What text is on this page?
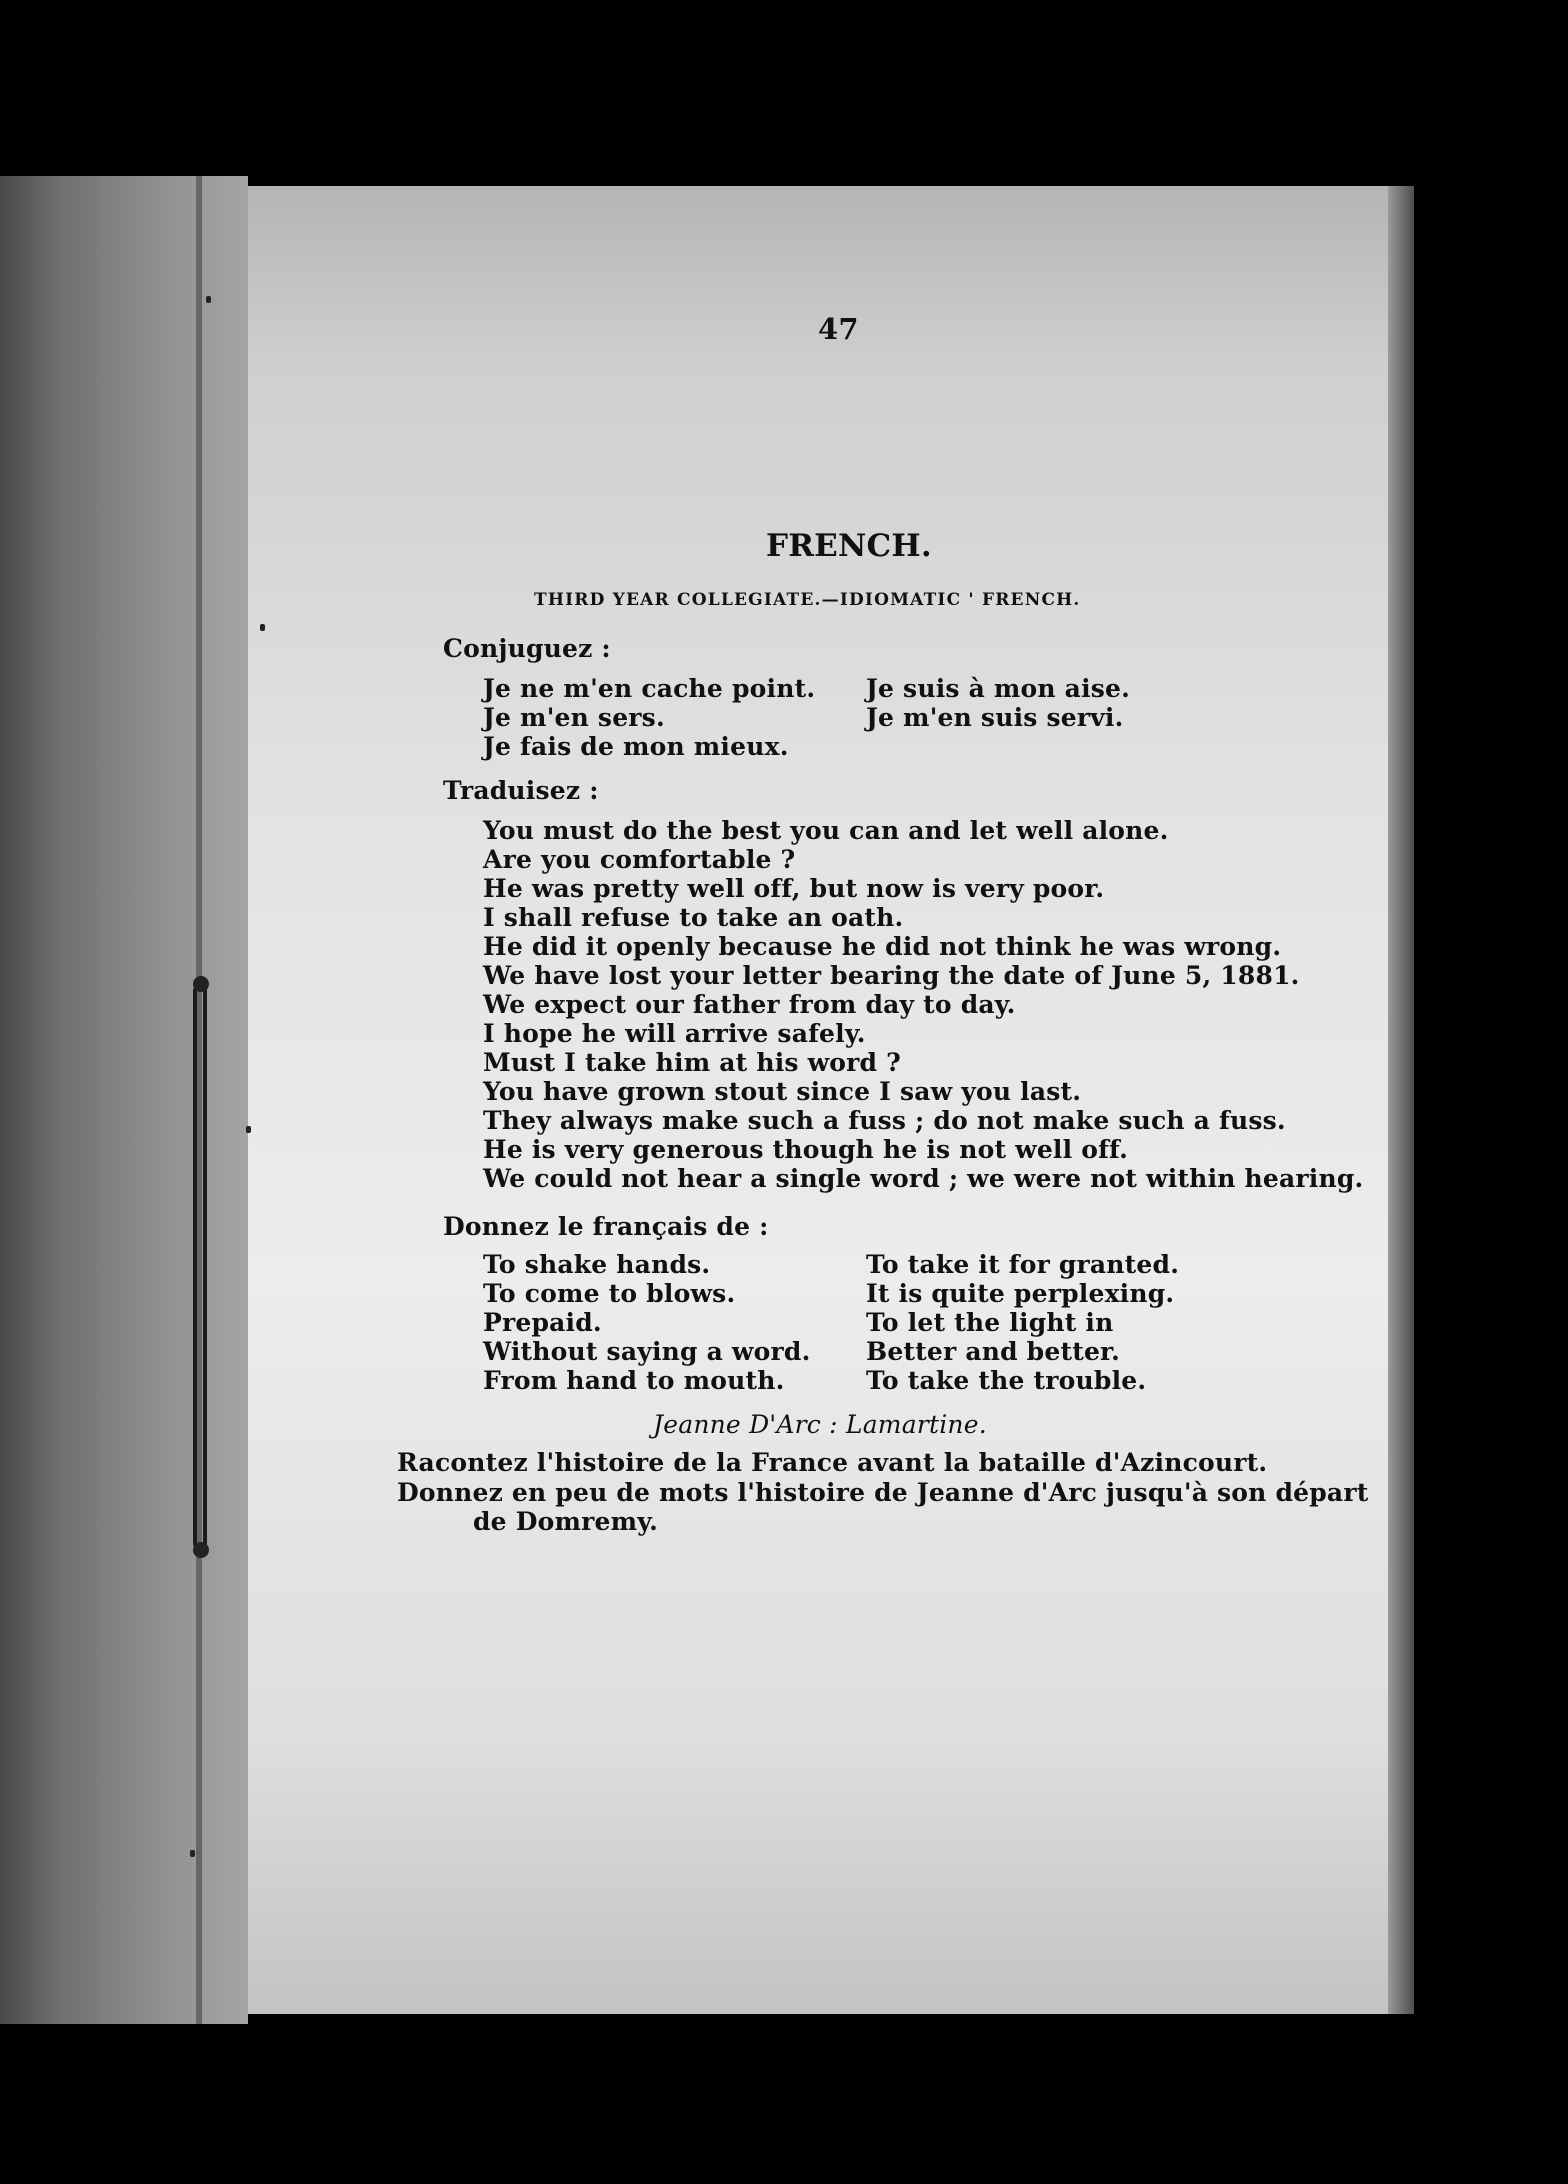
47
FRENCH.
THIRD YEAR COLLEGIATE.—IDIOMATIC ' FRENCH.
Conjuguez :
Je ne m'en cache point.
Je m'en sers.
Je fais de mon mieux.
Je suis à mon aise.
Je m'en suis servi.
Traduisez :
You must do the best you can and let well alone.
Are you comfortable ?
He was pretty well off, but now is very poor.
I shall refuse to take an oath.
He did it openly because he did not think he was wrong.
We have lost your letter bearing the date of June 5, 1881.
We expect our father from day to day.
I hope he will arrive safely.
Must I take him at his word ?
You have grown stout since I saw you last.
They always make such a fuss ; do not make such a fuss.
He is very generous though he is not well off.
We could not hear a single word ; we were not within hearing.
Donnez le français de :
To shake hands.
To come to blows.
Prepaid.
Without saying a word.
From hand to mouth.
To take it for granted.
It is quite perplexing.
To let the light in
Better and better.
To take the trouble.
Jeanne D'Arc : Lamartine.
Racontez l'histoire de la France avant la bataille d'Azincourt.
Donnez en peu de mots l'histoire de Jeanne d'Arc jusqu'à son départ
de Domremy.
